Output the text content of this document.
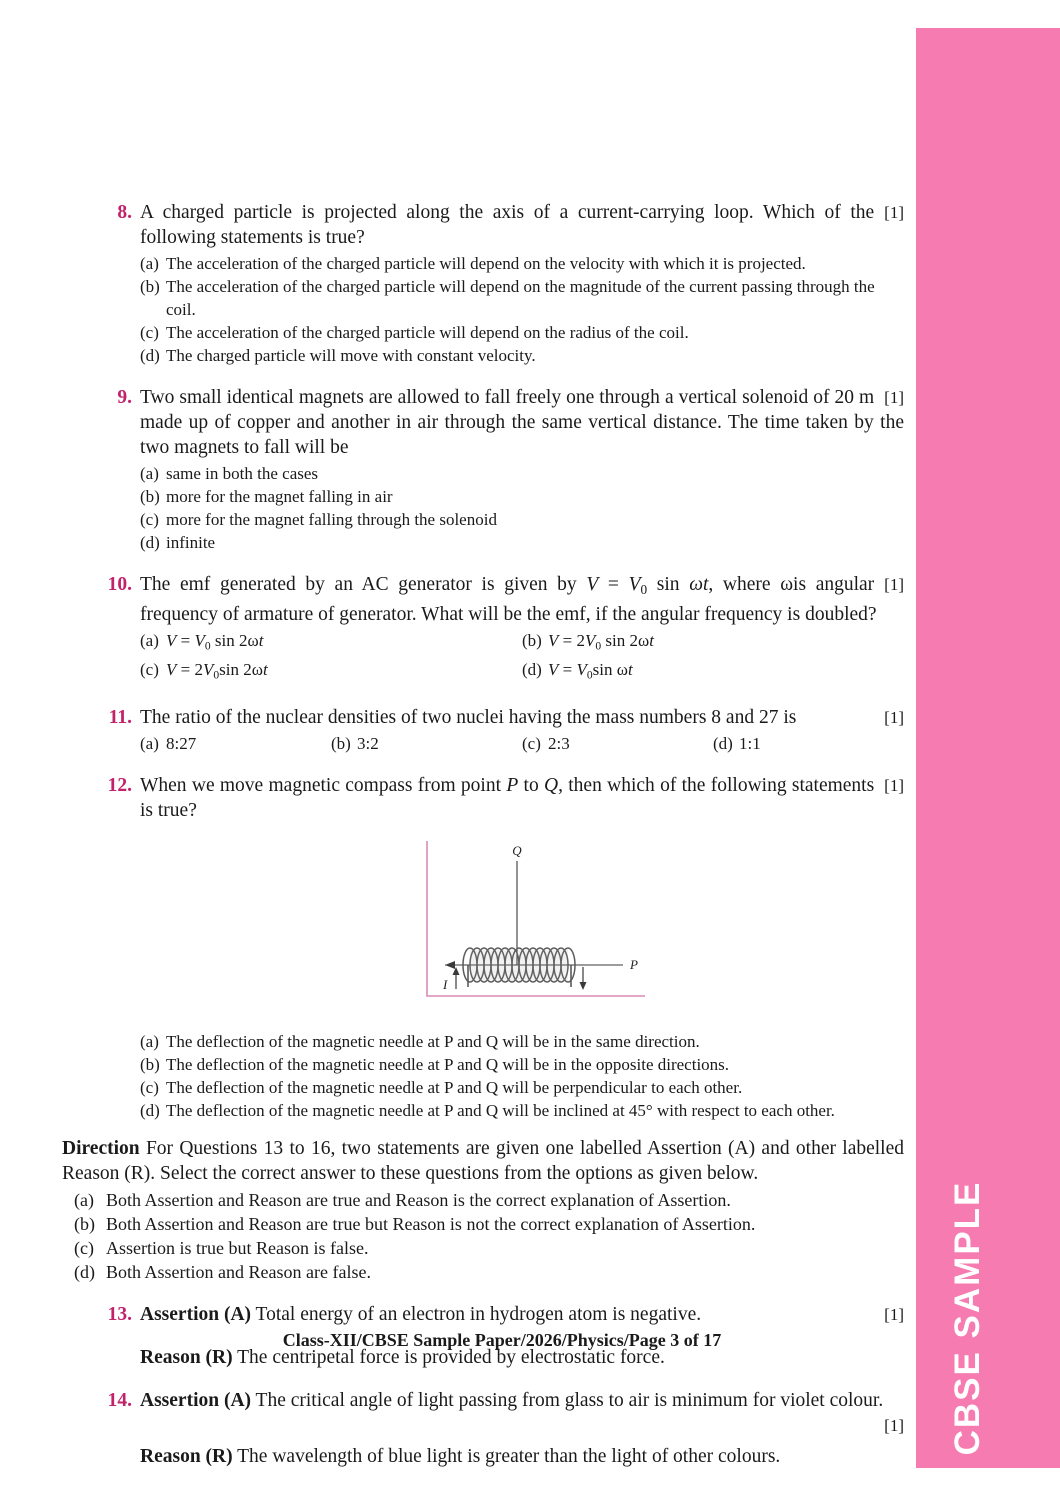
CBSE SAMPLE
8.	[1]
A charged particle is projected along the axis of a current-carrying loop. Which of the following statements is true?
(a) The acceleration of the charged particle will depend on the velocity with which it is projected.
(b) The acceleration of the charged particle will depend on the magnitude of the current passing through the coil.
(c) The acceleration of the charged particle will depend on the radius of the coil.
(d) The charged particle will move with constant velocity.
9.	[1]
Two small identical magnets are allowed to fall freely one through a vertical solenoid of 20 m made up of copper and another in air through the same vertical distance. The time taken by the two magnets to fall will be
(a) same in both the cases
(b) more for the magnet falling in air
(c) more for the magnet falling through the solenoid
(d) infinite
10.	[1]
The emf generated by an AC generator is given by $V = V_0$ sin ωt, where ωis angular frequency of armature of generator. What will be the emf, if the angular frequency is doubled?
(a) $V = V_0$ sin 2ωt	(b) $V = 2V_0$ sin 2ωt
(c) $V = 2V_0\sin$ 2ωt	(d) $V = V_0\sin$ ωt
11.	[1]
The ratio of the nuclear densities of two nuclei having the mass numbers 8 and 27 is
(a) 8:27	(b) 3:2	(c) 2:3	(d) 1:1
12.	[1]
When we move magnetic compass from point P to Q, then which of the following statements is true?
Q
P
I
(a) The deflection of the magnetic needle at P and Q will be in the same direction.
(b) The deflection of the magnetic needle at P and Q will be in the opposite directions.
(c) The deflection of the magnetic needle at P and Q will be perpendicular to each other.
(d) The deflection of the magnetic needle at P and Q will be inclined at 45° with respect to each other.
Direction For Questions 13 to 16, two statements are given one labelled Assertion (A) and other labelled Reason (R). Select the correct answer to these questions from the options as given below.
(a) Both Assertion and Reason are true and Reason is the correct explanation of Assertion.
(b) Both Assertion and Reason are true but Reason is not the correct explanation of Assertion.
(c) Assertion is true but Reason is false.
(d) Both Assertion and Reason are false.
13.	[1]
Assertion (A) Total energy of an electron in hydrogen atom is negative.
Reason (R) The centripetal force is provided by electrostatic force.
14. Assertion (A) The critical angle of light passing from glass to air is minimum for violet colour.
[1]
Reason (R) The wavelength of blue light is greater than the light of other colours.
Class-XII/CBSE Sample Paper/2026/Physics/Page 3 of 17
